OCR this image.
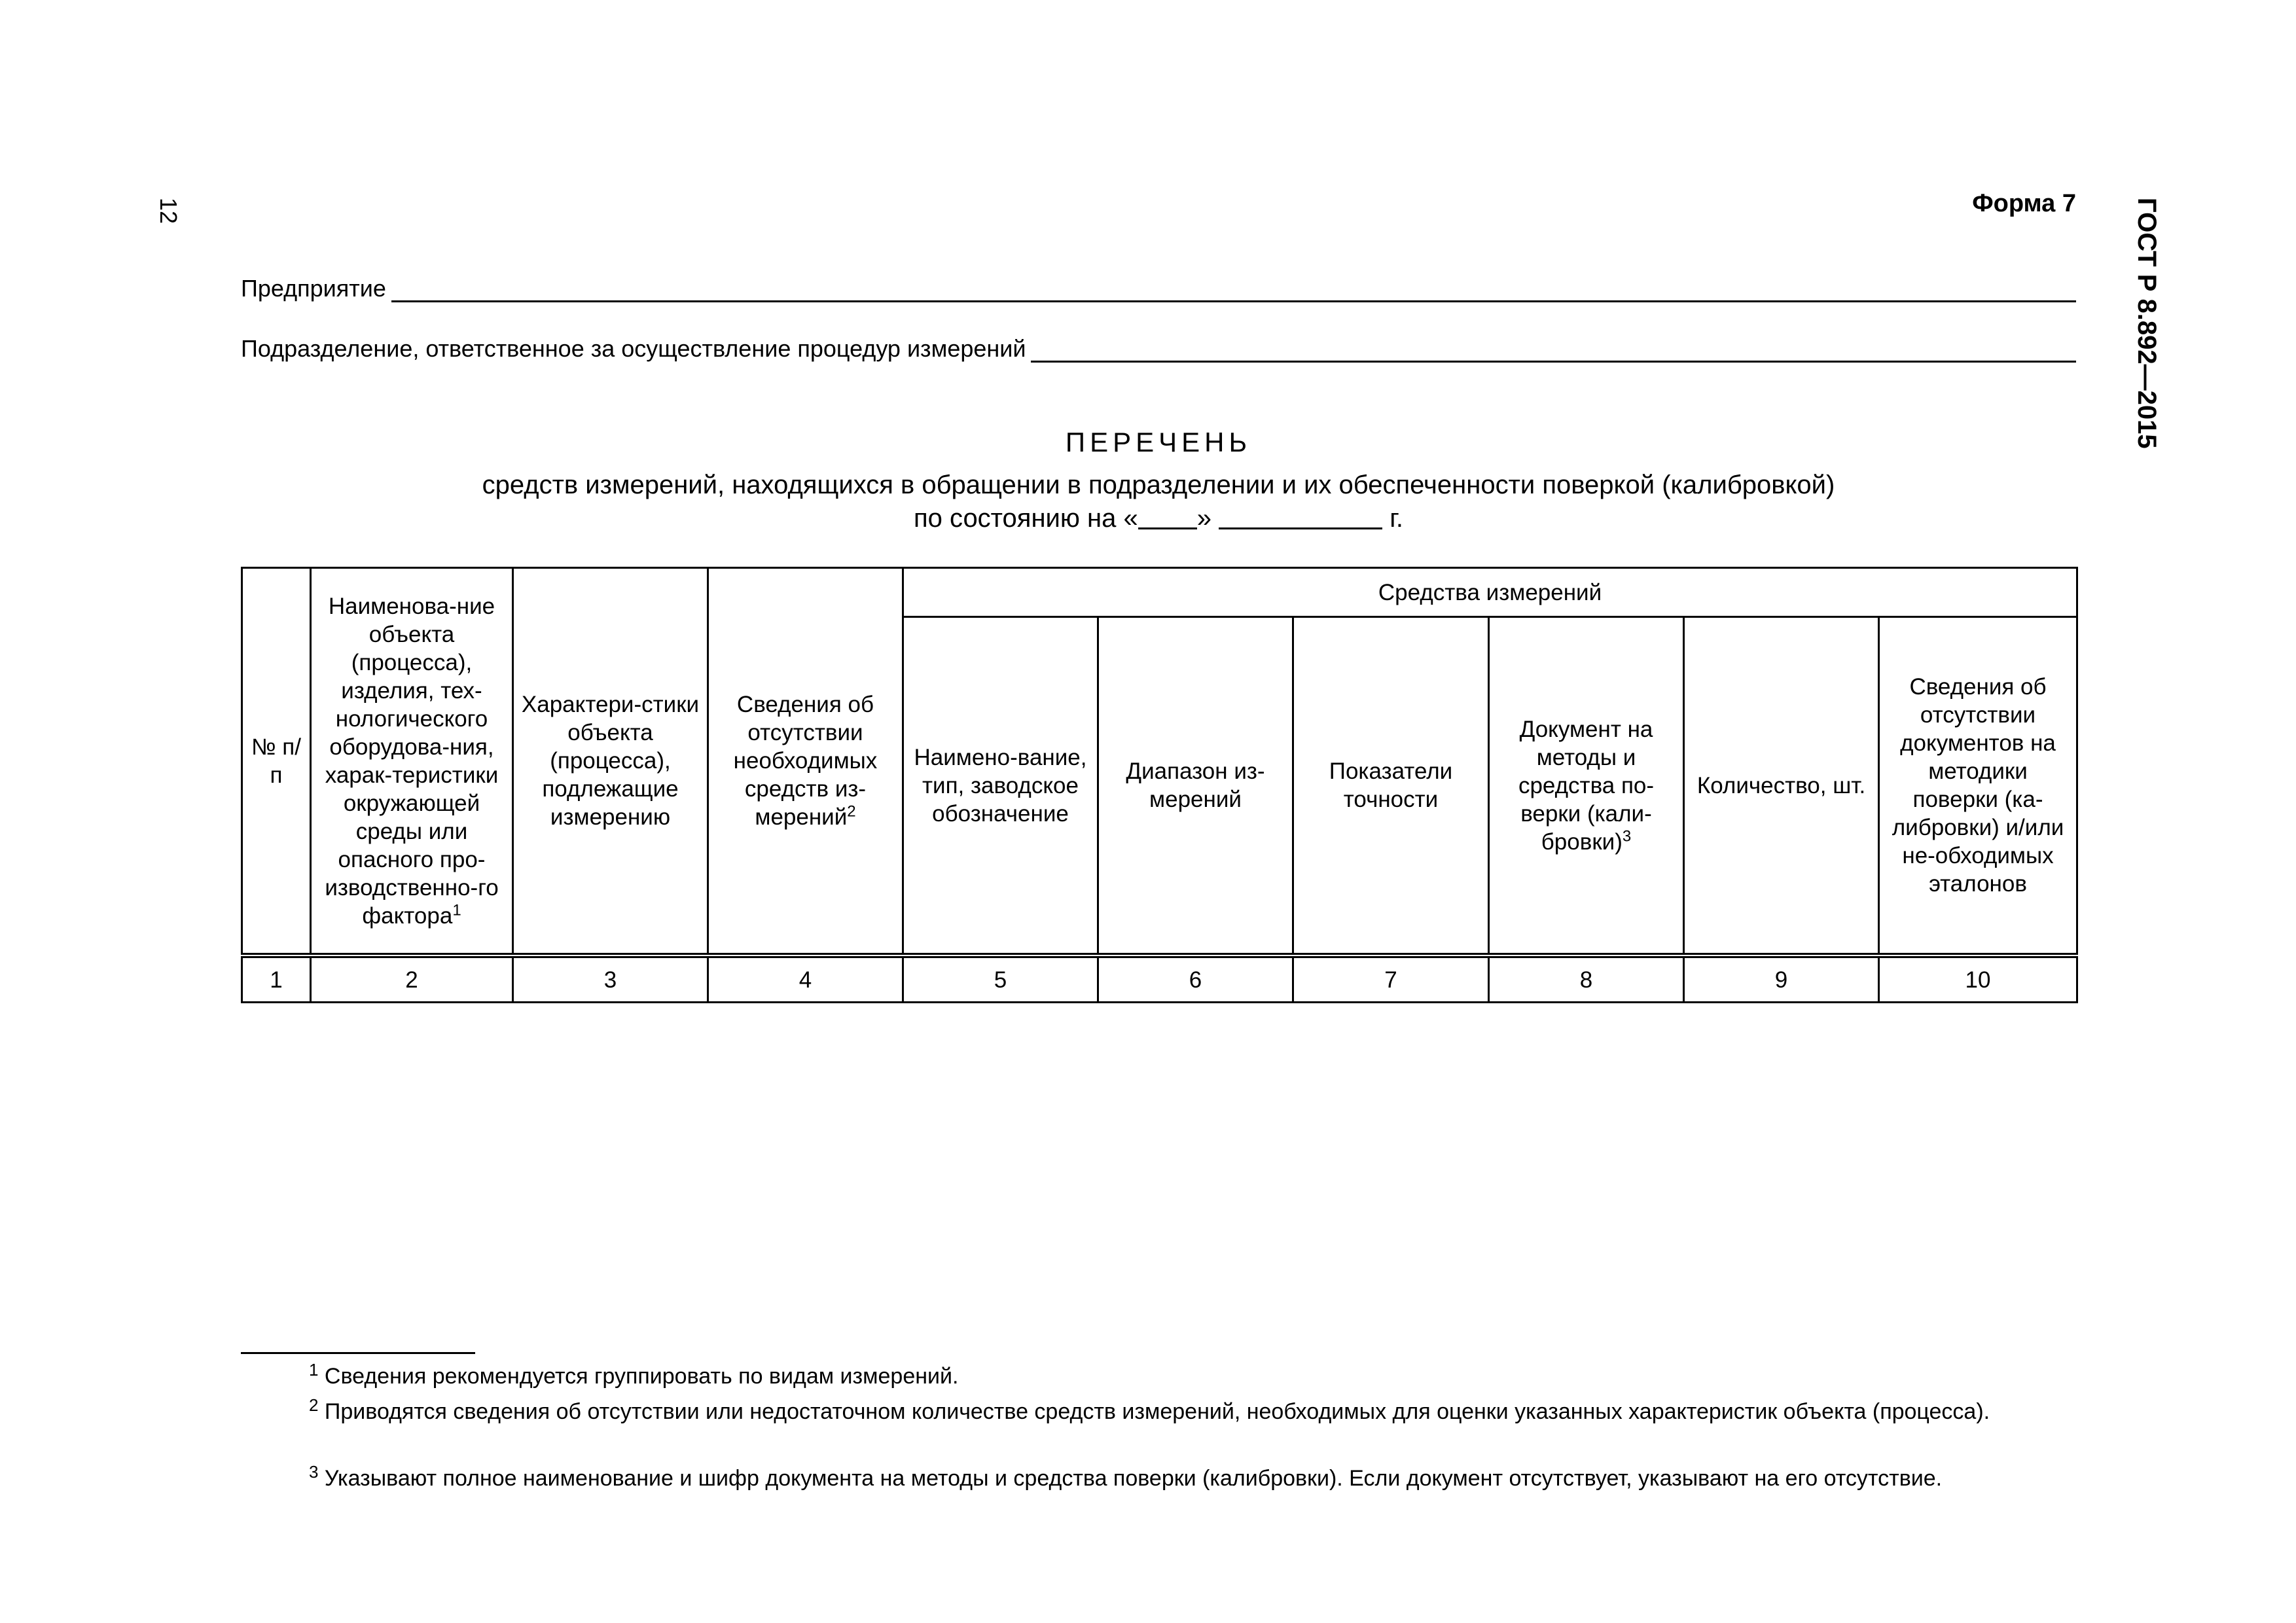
12	ГОСТ Р 8.892—2015
Форма 7
Предприятие
Подразделение, ответственное за осуществление процедур измерений
ПЕРЕЧЕНЬ
средств измерений, находящихся в обращении в подразделении и их обеспеченности поверкой (калибровкой)
по состоянию на « »	г.
№ п/п	Наименова-ние объекта (процесса), изделия, тех-нологического оборудова-ния, харак-теристики окружающей среды или опасного про-изводственно-го фактора$^1$	Характери-стики объекта (процесса), подлежащие измерению	Сведения об отсутствии необходимых средств из-мерений$^2$	Средства измерений					
				Наимено-вание, тип, заводское обозначение	Диапазон из-мерений	Показатели точности	Документ на методы и средства по-верки (кали-бровки)$^3$	Количество, шт.	Сведения об отсутствии документов на методики поверки (ка-либровки) и/или не-обходимых эталонов
1	2	3	4	5	6	7	8	9	10
$^1$ Сведения рекомендуется группировать по видам измерений.
$^2$ Приводятся сведения об отсутствии или недостаточном количестве средств измерений, необходимых для оценки указанных характеристик объекта (процесса).
$^3$ Указывают полное наименование и шифр документа на методы и средства поверки (калибровки). Если документ отсутствует, указывают на его отсутствие.
